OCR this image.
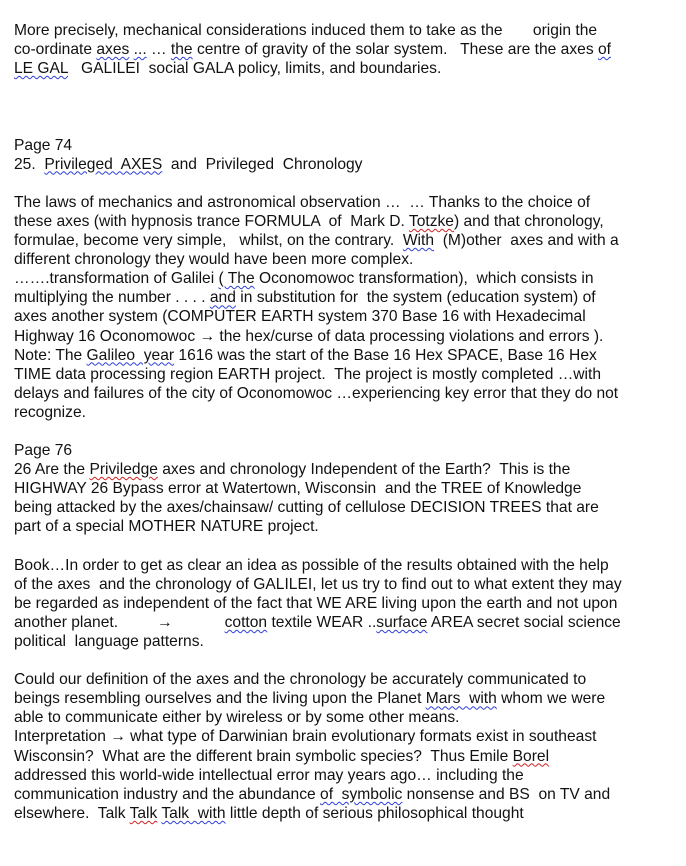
More precisely, mechanical considerations induced them to take as the       origin the
co-ordinate axes ... … the centre of gravity of the solar system.   These are the axes of
LE GAL   GALILEI  social GALA policy, limits, and boundaries.
Page 74
25.  Privileged  AXES  and  Privileged  Chronology
The laws of mechanics and astronomical observation …  … Thanks to the choice of
these axes (with hypnosis trance FORMULA  of  Mark D. Totzke) and that chronology,
formulae, become very simple,   whilst, on the contrary.  With  (M)other  axes and with a
different chronology they would have been more complex.
…….transformation of Galilei ( The Oconomowoc transformation),  which consists in
multiplying the number . . . . and in substitution for  the system (education system) of
axes another system (COMPUTER EARTH system 370 Base 16 with Hexadecimal
Highway 16 Oconomowoc → the hex/curse of data processing violations and errors ).
Note: The Galileo  year 1616 was the start of the Base 16 Hex SPACE, Base 16 Hex
TIME data processing region EARTH project.  The project is mostly completed …with
delays and failures of the city of Oconomowoc …experiencing key error that they do not
recognize.
Page 76
26 Are the Priviledge axes and chronology Independent of the Earth?  This is the
HIGHWAY 26 Bypass error at Watertown, Wisconsin  and the TREE of Knowledge
being attacked by the axes/chainsaw/ cutting of cellulose DECISION TREES that are
part of a special MOTHER NATURE project.
Book…In order to get as clear an idea as possible of the results obtained with the help
of the axes  and the chronology of GALILEI, let us try to find out to what extent they may
be regarded as independent of the fact that WE ARE living upon the earth and not upon
another planet.         →            cotton textile WEAR ..surface AREA secret social science
political  language patterns.
Could our definition of the axes and the chronology be accurately communicated to
beings resembling ourselves and the living upon the Planet Mars  with whom we were
able to communicate either by wireless or by some other means.
Interpretation → what type of Darwinian brain evolutionary formats exist in southeast
Wisconsin?  What are the different brain symbolic species?  Thus Emile Borel
addressed this world-wide intellectual error may years ago… including the
communication industry and the abundance of  symbolic nonsense and BS  on TV and
elsewhere.  Talk Talk Talk  with little depth of serious philosophical thought
